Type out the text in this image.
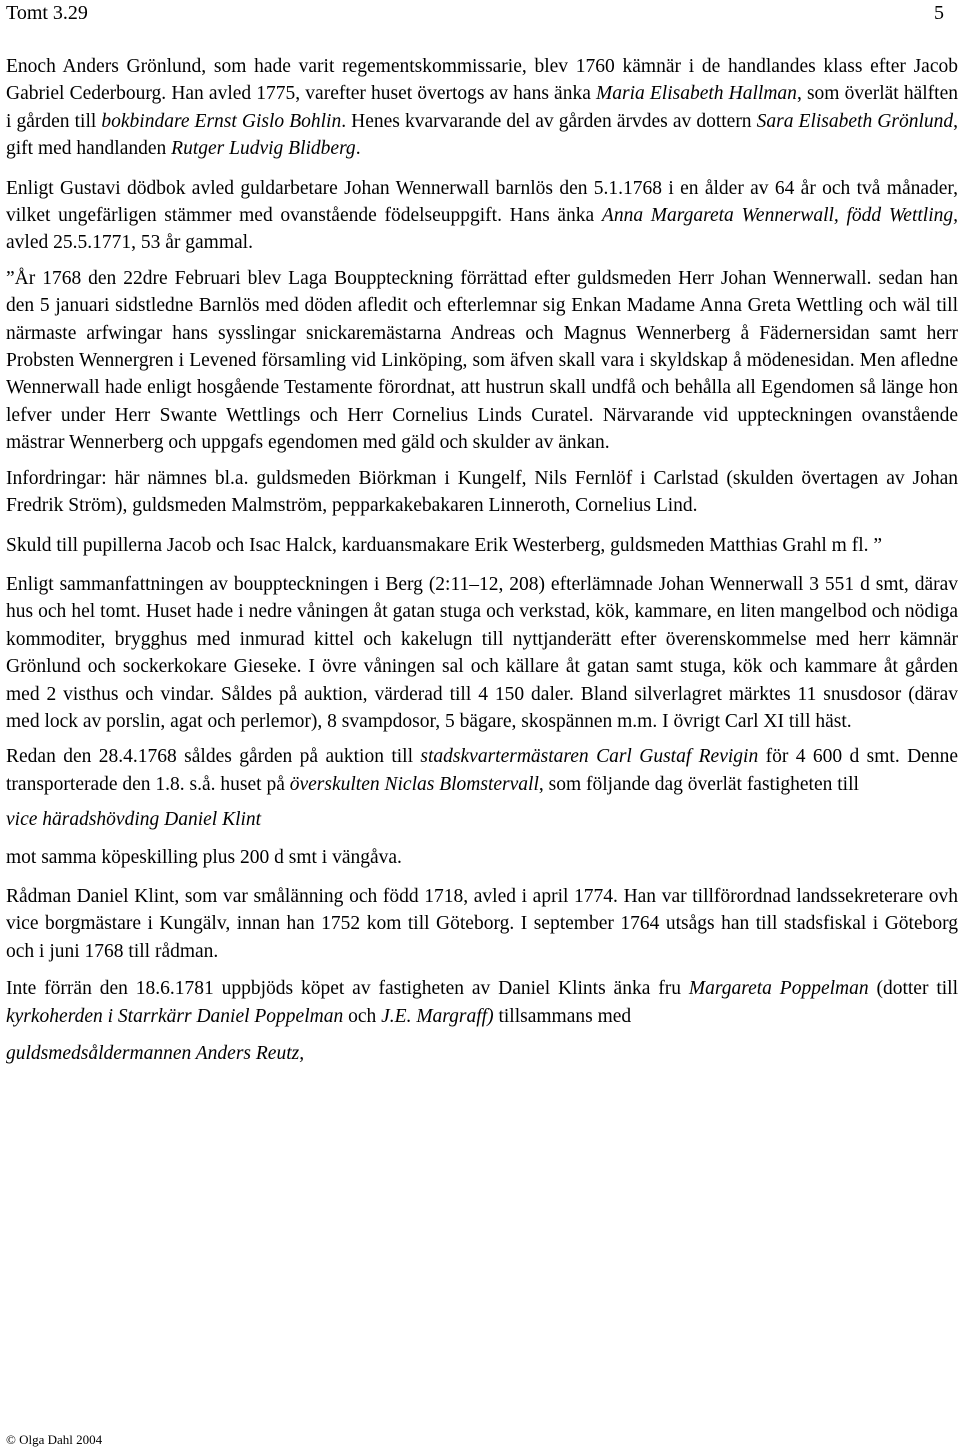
Tomt 3.29	5

Enoch Anders Grönlund, som hade varit regementskommissarie, blev 1760 kämnär i de handlandes klass efter Jacob Gabriel Cederbourg. Han avled 1775, varefter huset övertogs av hans änka Maria Elisabeth Hallman, som överlät hälften i gården till bokbindare Ernst Gislo Bohlin. Henes kvarvarande del av gården ärvdes av dottern Sara Elisabeth Grönlund, gift med handlanden Rutger Ludvig Blidberg.

Enligt Gustavi dödbok avled guldarbetare Johan Wennerwall barnlös den 5.1.1768 i en ålder av 64 år och två månader, vilket ungefärligen stämmer med ovanstående födelseuppgift. Hans änka Anna Margareta Wennerwall, född Wettling, avled 25.5.1771, 53 år gammal.

”År 1768 den 22dre Februari blev Laga Bouppteckning förrättad efter guldsmeden Herr Johan Wennerwall. sedan han den 5 januari sidstledne Barnlös med döden afledit och efterlemnar sig Enkan Madame Anna Greta Wettling och wäl till närmaste arfwingar hans sysslingar snickaremästarna Andreas och Magnus Wennerberg å Fädernersidan samt herr Probsten Wennergren i Levened församling vid Linköping, som äfven skall vara i skyldskap å mödenesidan. Men afledne Wennerwall hade enligt hosgående Testamente förordnat, att hustrun skall undfå och behålla all Egendomen så länge hon lefver under Herr Swante Wettlings och Herr Cornelius Linds Curatel. Närvarande vid uppteckningen ovanstående mästrar Wennerberg och uppgafs egendomen med gäld och skulder av änkan.

Infordringar: här nämnes bl.a. guldsmeden Biörkman i Kungelf, Nils Fernlöf i Carlstad (skulden övertagen av Johan Fredrik Ström), guldsmeden Malmström, pepparkakebakaren Linneroth, Cornelius Lind.

Skuld till pupillerna Jacob och Isac Halck, karduansmakare Erik Westerberg, guldsmeden Matthias Grahl m fl. ”

Enligt sammanfattningen av bouppteckningen i Berg (2:11–12, 208) efterlämnade Johan Wennerwall 3 551 d smt, därav hus och hel tomt. Huset hade i nedre våningen åt gatan stuga och verkstad, kök, kammare, en liten mangelbod och nödiga kommoditer, brygghus med inmurad kittel och kakelugn till nyttjanderätt efter överenskommelse med herr kämnär Grönlund och sockerkokare Gieseke. I övre våningen sal och källare åt gatan samt stuga, kök och kammare åt gården med 2 visthus och vindar. Såldes på auktion, värderad till 4 150 daler. Bland silverlagret märktes 11 snusdosor (därav med lock av porslin, agat och perlemor), 8 svampdosor, 5 bägare, skospännen m.m. I övrigt Carl XI till häst.

Redan den 28.4.1768 såldes gården på auktion till stadskvartermästaren Carl Gustaf Revigin för 4 600 d smt. Denne transporterade den 1.8. s.å. huset på överskulten Niclas Blomstervall, som följande dag överlät fastigheten till

vice häradshövding Daniel Klint

mot samma köpeskilling plus 200 d smt i vängåva.

Rådman Daniel Klint, som var smålänning och född 1718, avled i april 1774. Han var tillförordnad landssekreterare ovh vice borgmästare i Kungälv, innan han 1752 kom till Göteborg. I september 1764 utsågs han till stadsfiskal i Göteborg och i juni 1768 till rådman.

Inte förrän den 18.6.1781 uppbjöds köpet av fastigheten av Daniel Klints änka fru Margareta Poppelman (dotter till kyrkoherden i Starrkärr Daniel Poppelman och J.E. Margraff) tillsammans med

guldsmedsåldermannen Anders Reutz,

© Olga Dahl 2004
